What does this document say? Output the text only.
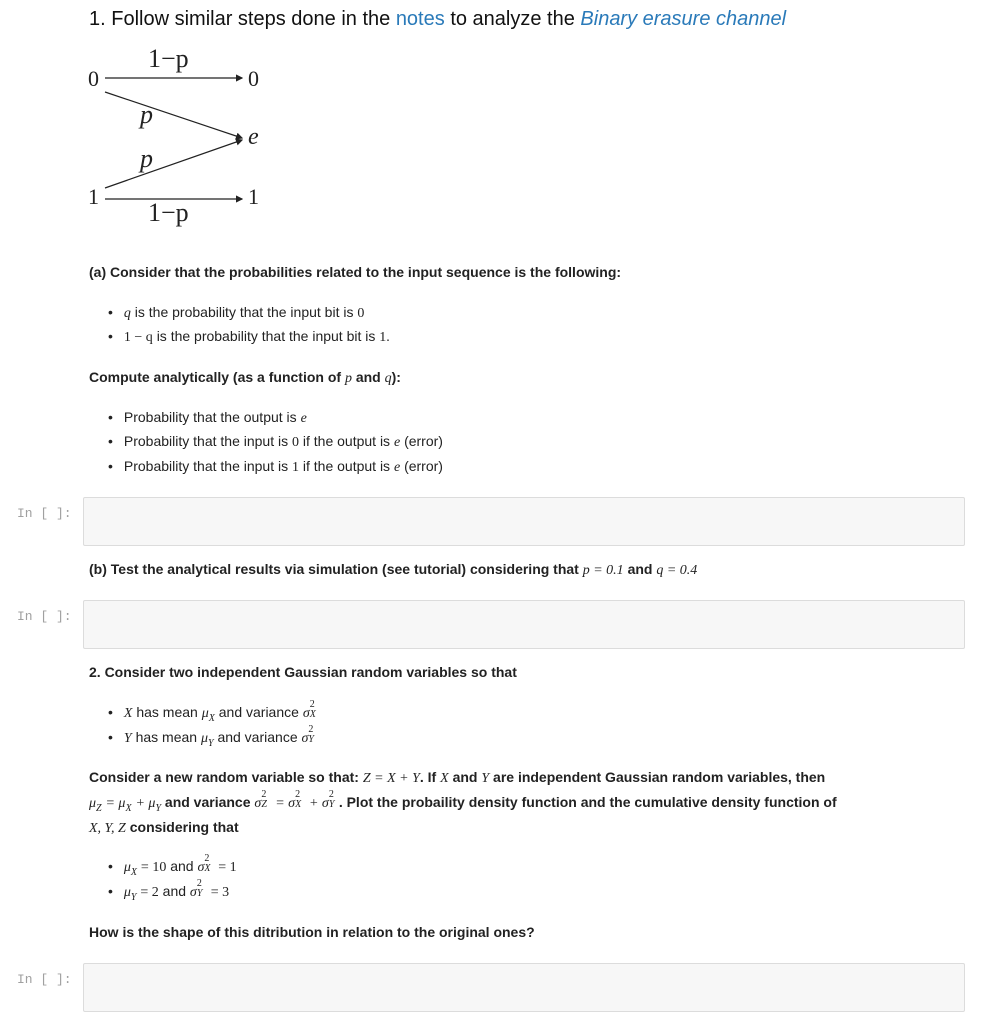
1. Follow similar steps done in the notes to analyze the Binary erasure channel
0
1
0
e
1
1−p
p
p
1−p
(a) Consider that the probabilities related to the input sequence is the following:
• q is the probability that the input bit is 0
• 1 − q is the probability that the input bit is 1.
Compute analytically (as a function of p and q):
• Probability that the output is e
• Probability that the input is 0 if the output is e (error)
• Probability that the input is 1 if the output is e (error)
In [ ]:
(b) Test the analytical results via simulation (see tutorial) considering that p = 0.1 and q = 0.4
In [ ]:
2. Consider two independent Gaussian random variables so that
• X has mean $\mu_X$ and variance σ
2
X
• Y has mean $\mu_Y$ and variance σ
2
Y
Consider a new random variable so that: Z = X + Y. If X and Y are independent Gaussian random variables, then
$\mu_Z = \mu_X + \mu_Y$ and variance σ
2
Z = σ
2
X + σ
2
Y . Plot the probaility density function and the cumulative density function of
X, Y, Z considering that
• $\mu_X = 10$ and σ
2
X = 1
• $\mu_Y = 2$ and σ
2
Y = 3
How is the shape of this ditribution in relation to the original ones?
In [ ]:
